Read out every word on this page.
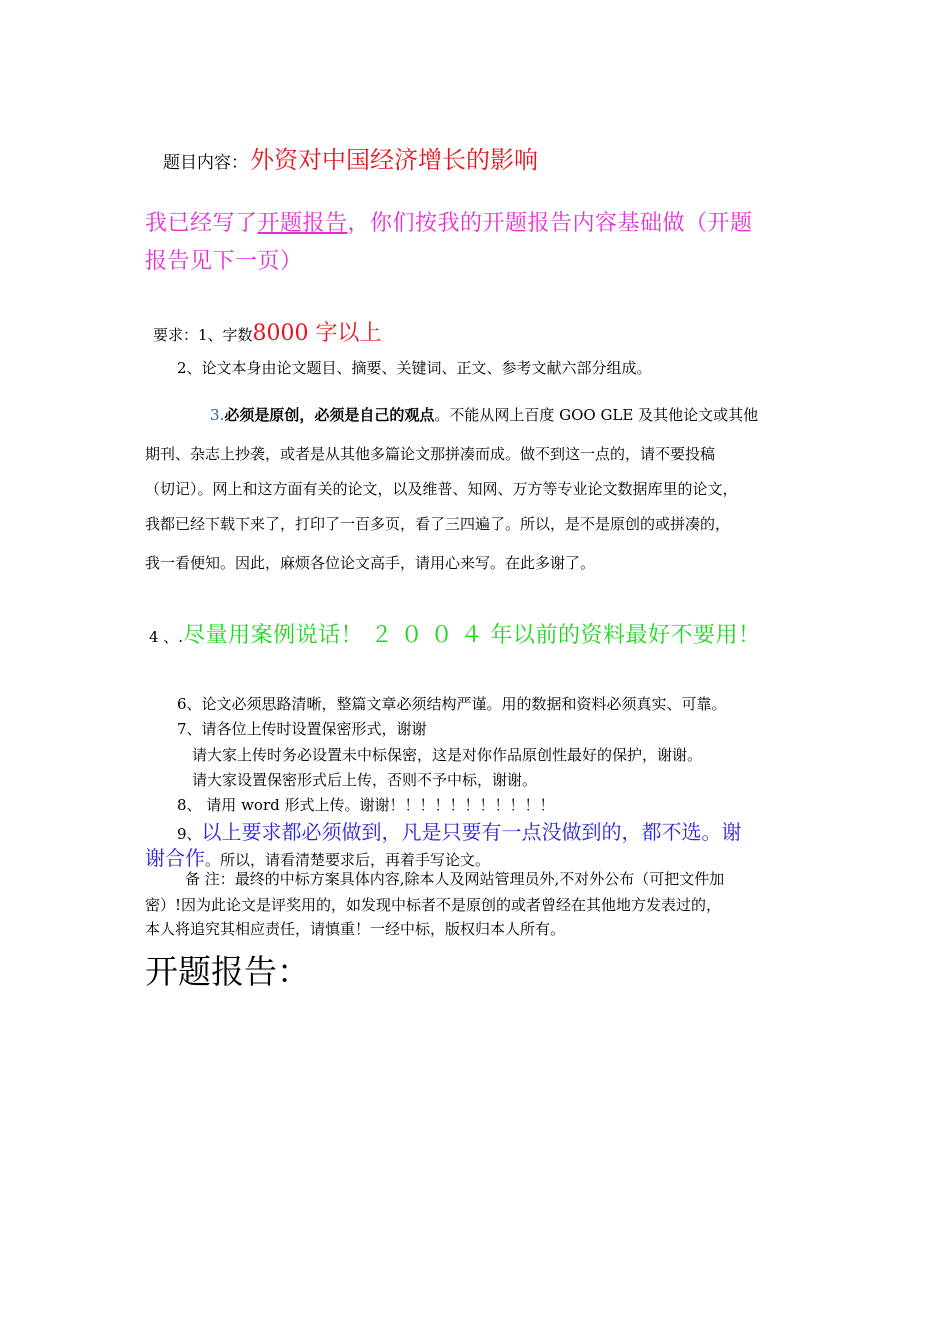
题目内容：外资对中国经济增长的影响
我已经写了开题报告，你们按我的开题报告内容基础做（开题
报告见下一页）
要求：1、字数8000 字以上
2、论文本身由论文题目、摘要、关键词、正文、参考文献六部分组成。
3.必须是原创，必须是自己的观点。不能从网上百度 GOO GLE 及其他论文或其他
期刊、杂志上抄袭，或者是从其他多篇论文那拼凑而成。做不到这一点的，请不要投稿
（切记）。网上和这方面有关的论文，以及维普、知网、万方等专业论文数据库里的论文，
我都已经下载下来了，打印了一百多页，看了三四遍了。所以，是不是原创的或拼凑的，
我一看便知。因此，麻烦各位论文高手，请用心来写。在此多谢了。
4 、.尽量用案例说话！ ２ ０ ０ ４ 年以前的资料最好不要用！
6、论文必须思路清晰，整篇文章必须结构严谨。用的数据和资料必须真实、可靠。
7、请各位上传时设置保密形式，谢谢
请大家上传时务必设置未中标保密，这是对你作品原创性最好的保护，谢谢。
请大家设置保密形式后上传，否则不予中标，谢谢。
8、 请用 word 形式上传。谢谢！！！！！！！！！！！
9、以上要求都必须做到，凡是只要有一点没做到的，都不选。谢
谢合作。所以，请看清楚要求后，再着手写论文。
备 注：最终的中标方案具体内容,除本人及网站管理员外,不对外公布（可把文件加
密）!因为此论文是评奖用的，如发现中标者不是原创的或者曾经在其他地方发表过的，
本人将追究其相应责任，请慎重！一经中标，版权归本人所有。
开题报告：
